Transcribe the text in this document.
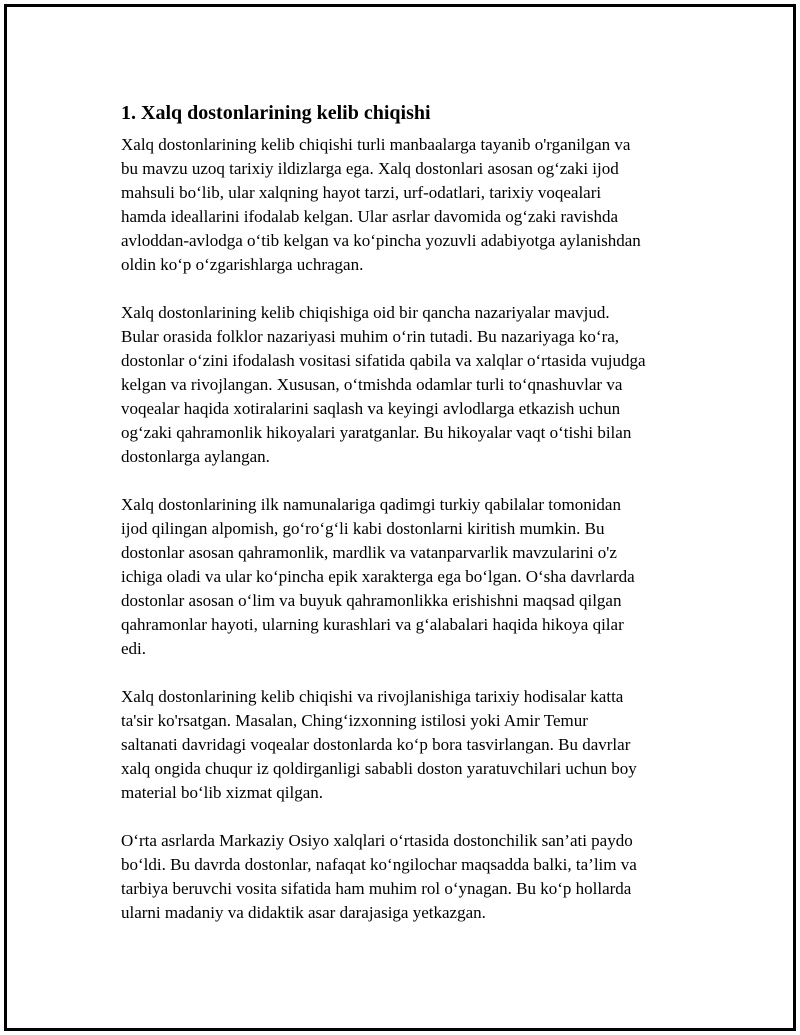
1. Xalq dostonlarining kelib chiqishi

Xalq dostonlarining kelib chiqishi turli manbaalarga tayanib o'rganilgan va
bu mavzu uzoq tarixiy ildizlarga ega. Xalq dostonlari asosan og‘zaki ijod
mahsuli bo‘lib, ular xalqning hayot tarzi, urf-odatlari, tarixiy voqealari
hamda ideallarini ifodalab kelgan. Ular asrlar davomida og‘zaki ravishda
avloddan-avlodga o‘tib kelgan va ko‘pincha yozuvli adabiyotga aylanishdan
oldin ko‘p o‘zgarishlarga uchragan.

Xalq dostonlarining kelib chiqishiga oid bir qancha nazariyalar mavjud.
Bular orasida folklor nazariyasi muhim o‘rin tutadi. Bu nazariyaga ko‘ra,
dostonlar o‘zini ifodalash vositasi sifatida qabila va xalqlar o‘rtasida vujudga
kelgan va rivojlangan. Xususan, o‘tmishda odamlar turli to‘qnashuvlar va
voqealar haqida xotiralarini saqlash va keyingi avlodlarga etkazish uchun
og‘zaki qahramonlik hikoyalari yaratganlar. Bu hikoyalar vaqt o‘tishi bilan
dostonlarga aylangan.

Xalq dostonlarining ilk namunalariga qadimgi turkiy qabilalar tomonidan
ijod qilingan alpomish, go‘ro‘g‘li kabi dostonlarni kiritish mumkin. Bu
dostonlar asosan qahramonlik, mardlik va vatanparvarlik mavzularini o'z
ichiga oladi va ular ko‘pincha epik xarakterga ega bo‘lgan. O‘sha davrlarda
dostonlar asosan o‘lim va buyuk qahramonlikka erishishni maqsad qilgan
qahramonlar hayoti, ularning kurashlari va g‘alabalari haqida hikoya qilar
edi.

Xalq dostonlarining kelib chiqishi va rivojlanishiga tarixiy hodisalar katta
ta'sir ko'rsatgan. Masalan, Ching‘izxonning istilosi yoki Amir Temur
saltanati davridagi voqealar dostonlarda ko‘p bora tasvirlangan. Bu davrlar
xalq ongida chuqur iz qoldirganligi sababli doston yaratuvchilari uchun boy
material bo‘lib xizmat qilgan.

O‘rta asrlarda Markaziy Osiyo xalqlari o‘rtasida dostonchilik san’ati paydo
bo‘ldi. Bu davrda dostonlar, nafaqat ko‘ngilochar maqsadda balki, ta’lim va
tarbiya beruvchi vosita sifatida ham muhim rol o‘ynagan. Bu ko‘p hollarda
ularni madaniy va didaktik asar darajasiga yetkazgan.
